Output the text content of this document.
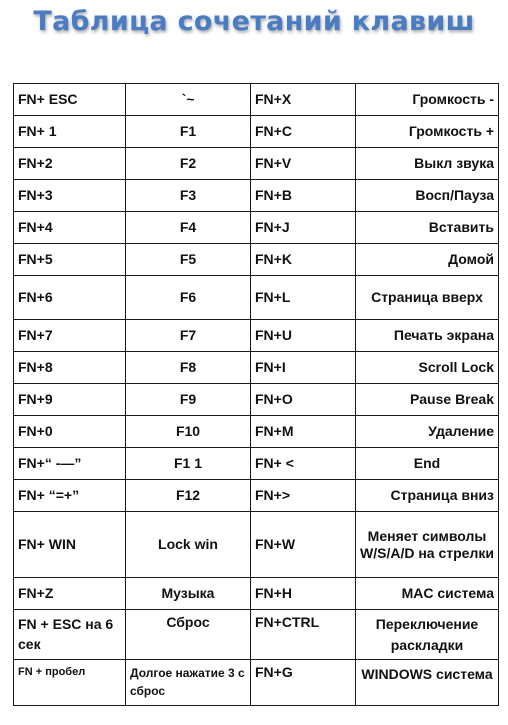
Таблица сочетаний клавиш
FN+ ESC	`~	FN+X	Громкость -
FN+ 1	F1	FN+C	Громкость +
FN+2	F2	FN+V	Выкл звука
FN+3	F3	FN+B	Восп/Пауза
FN+4	F4	FN+J	Вставить
FN+5	F5	FN+K	Домой
FN+6	F6	FN+L	Страница вверх
FN+7	F7	FN+U	Печать экрана
FN+8	F8	FN+I	Scroll Lock
FN+9	F9	FN+O	Pause Break
FN+0	F10	FN+M	Удаление
FN+“ -—”	F1 1	FN+ <	End
FN+ “=+”	F12	FN+>	Страница вниз
FN+ WIN	Lock win	FN+W	Меняет символы W/S/A/D на стрелки
FN+Z	Музыка	FN+H	MAC система
FN + ESC на 6 сек	Сброс	FN+CTRL	Переключение раскладки
FN + пробел	Долгое нажатие 3 с сброс	FN+G	WINDOWS система
